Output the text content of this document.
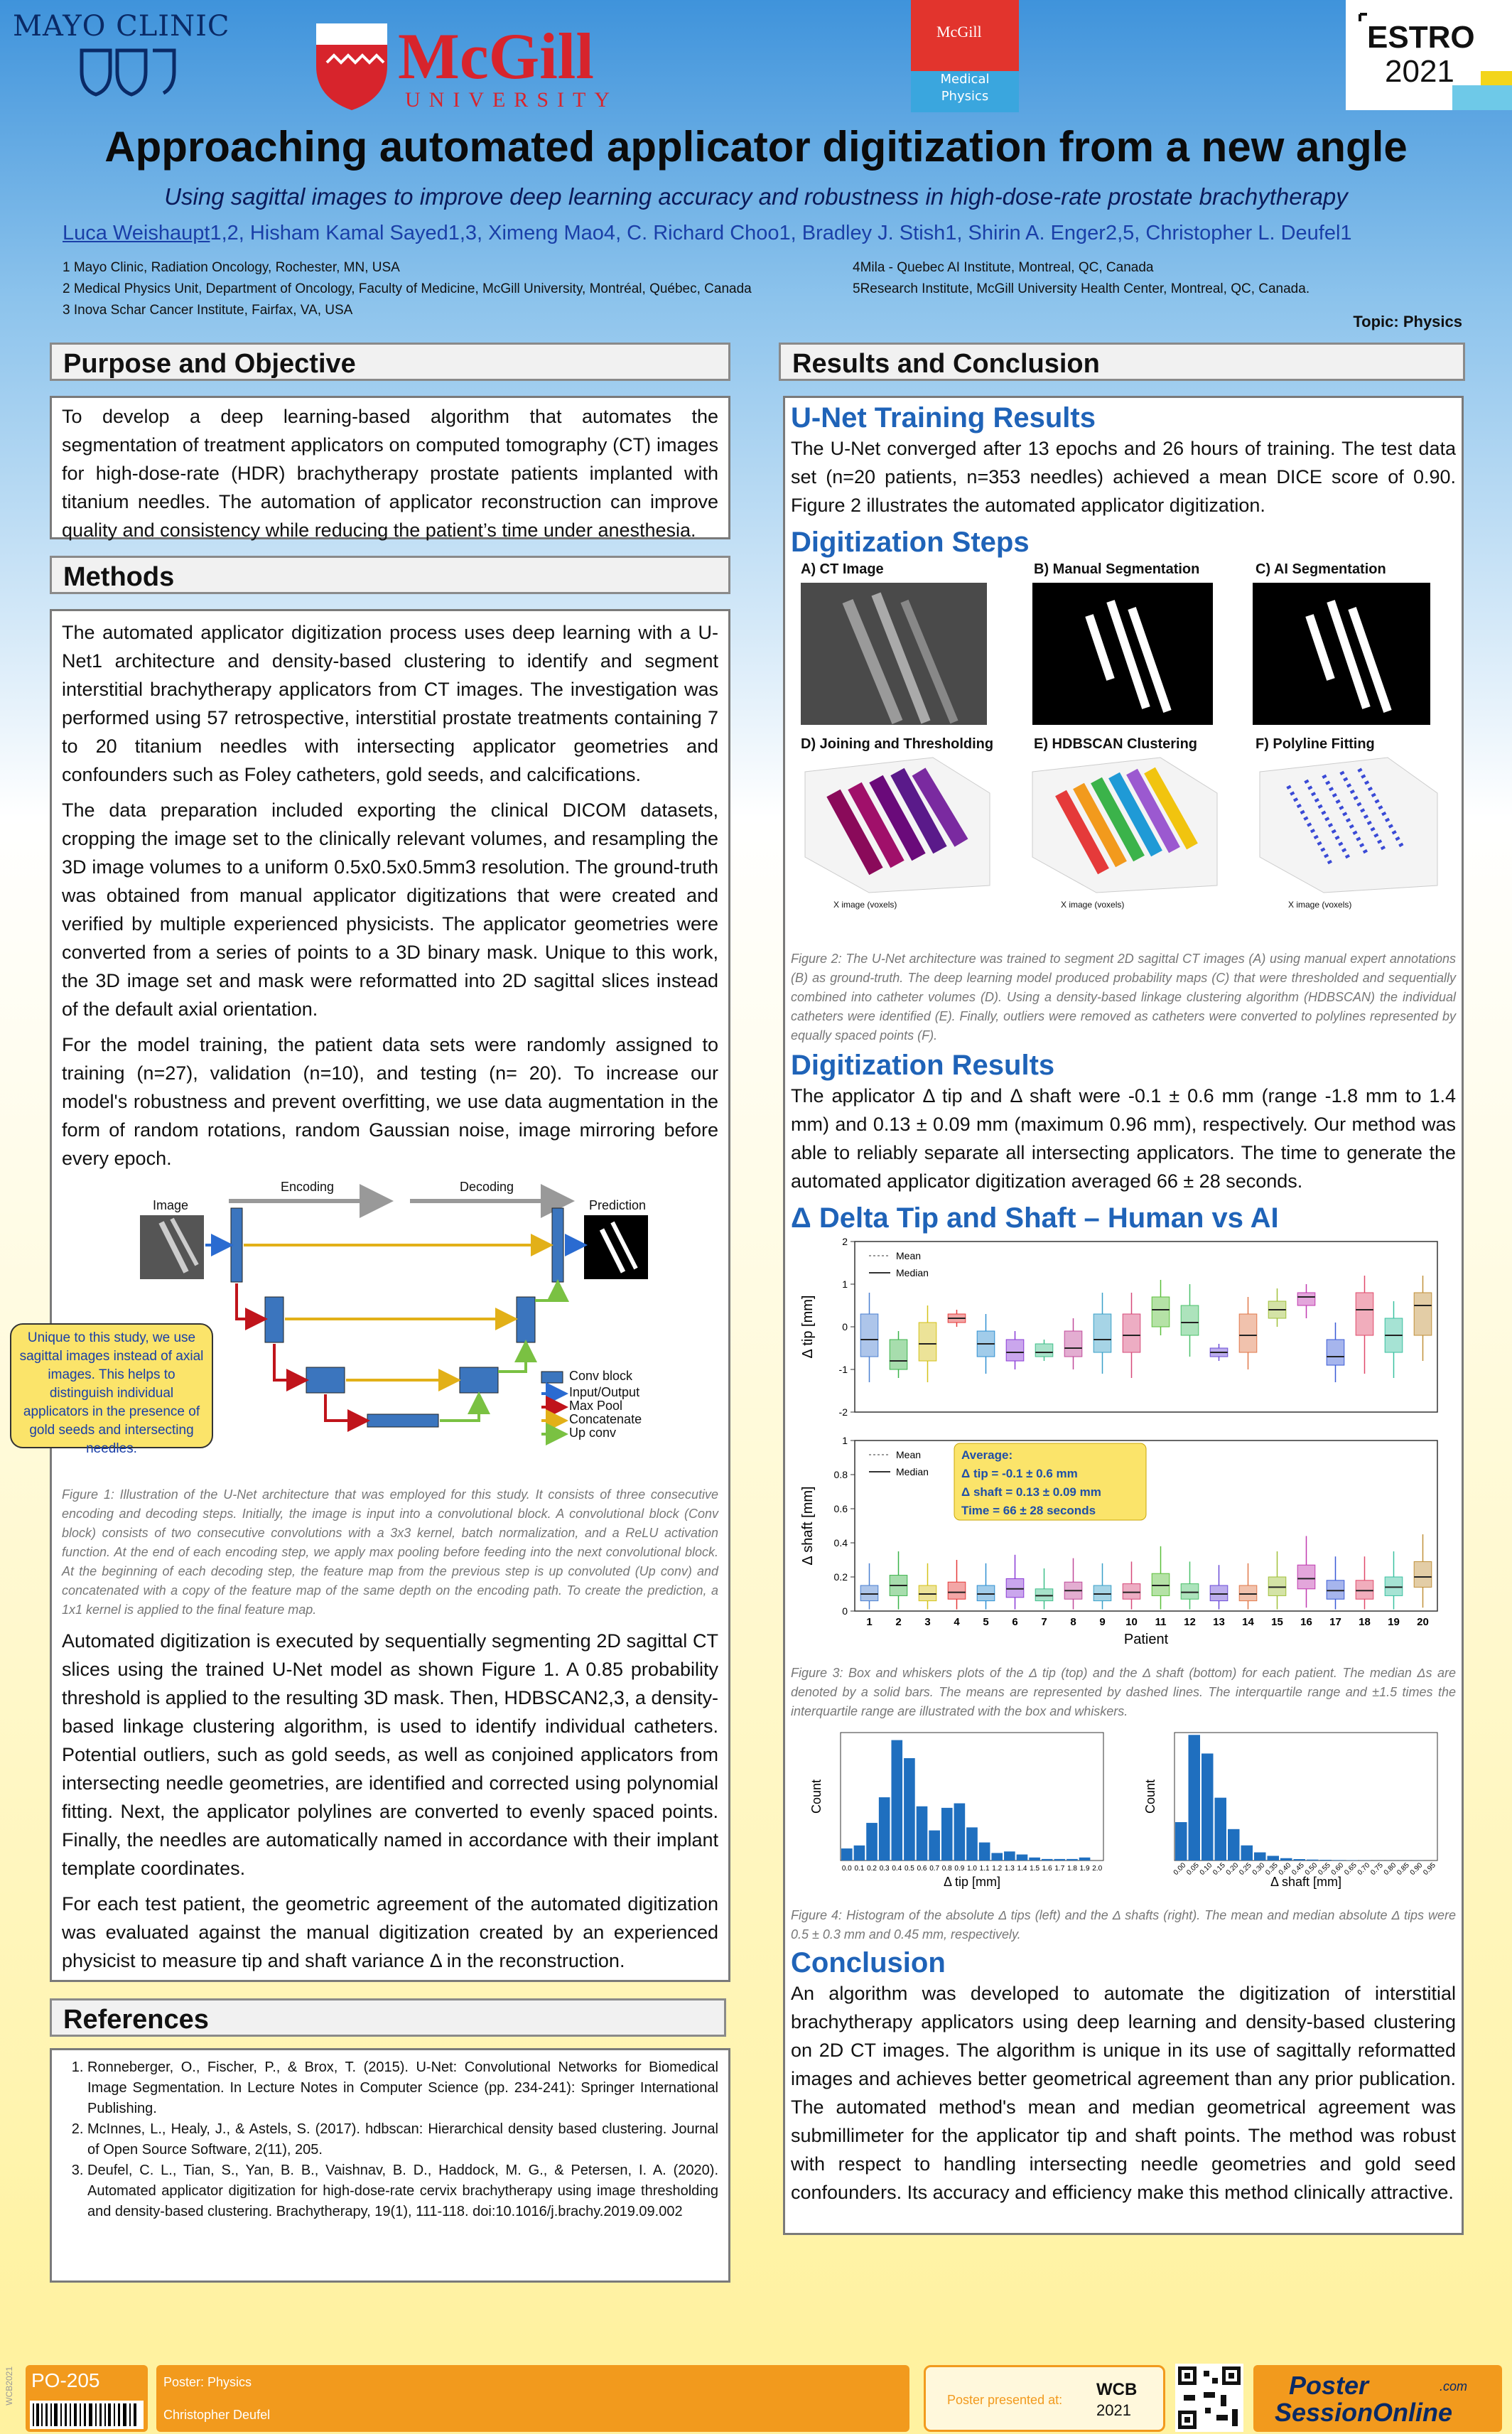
MAYO CLINIC	McGill
UNIVERSITY
McGill
Medical
Physics
ESTRO
2021
Approaching automated applicator digitization from a new angle
Using sagittal images to improve deep learning accuracy and robustness in high-dose-rate prostate brachytherapy
Luca Weishaupt1,2, Hisham Kamal Sayed1,3, Ximeng Mao4, C. Richard Choo1, Bradley J. Stish1, Shirin A. Enger2,5, Christopher L. Deufel1
1 Mayo Clinic, Radiation Oncology, Rochester, MN, USA
2 Medical Physics Unit, Department of Oncology, Faculty of Medicine, McGill University, Montréal, Québec, Canada
3 Inova Schar Cancer Institute, Fairfax, VA, USA
4Mila - Quebec AI Institute, Montreal, QC, Canada
5Research Institute, McGill University Health Center, Montreal, QC, Canada.
Topic: Physics
Purpose and Objective

To develop a deep learning-based algorithm that automates the segmentation of treatment applicators on computed tomography (CT) images for high-dose-rate (HDR) brachytherapy prostate patients implanted with titanium needles. The automation of applicator reconstruction can improve quality and consistency while reducing the patient’s time under anesthesia.

Methods

The automated applicator digitization process uses deep learning with a U-Net1 architecture and density-based clustering to identify and segment interstitial brachytherapy applicators from CT images. The investigation was performed using 57 retrospective, interstitial prostate treatments containing 7 to 20 titanium needles with intersecting applicator geometries and confounders such as Foley catheters, gold seeds, and calcifications.

The data preparation included exporting the clinical DICOM datasets, cropping the image set to the clinically relevant volumes, and resampling the 3D image volumes to a uniform 0.5x0.5x0.5mm3 resolution. The ground-truth was obtained from manual applicator digitizations that were created and verified by multiple experienced physicists. The applicator geometries were converted from a series of points to a 3D binary mask. Unique to this work, the 3D image set and mask were reformatted into 2D sagittal slices instead of the default axial orientation.

For the model training, the patient data sets were randomly assigned to training (n=27), validation (n=10), and testing (n= 20). To increase our model's robustness and prevent overfitting, we use data augmentation in the form of random rotations, random Gaussian noise, image mirroring before every epoch.

Encoding	Decoding
Image	Prediction
Conv block
Input/Output
Max Pool
Concatenate
Up conv

Figure 1: Illustration of the U-Net architecture that was employed for this study. It consists of three consecutive encoding and decoding steps. Initially, the image is input into a convolutional block. A convolutional block (Conv block) consists of two consecutive convolutions with a 3x3 kernel, batch normalization, and a ReLU activation function. At the end of each encoding step, we apply max pooling before feeding into the next convolutional block. At the beginning of each decoding step, the feature map from the previous step is up convoluted (Up conv) and concatenated with a copy of the feature map of the same depth on the encoding path. To create the prediction, a 1x1 kernel is applied to the final feature map.

Automated digitization is executed by sequentially segmenting 2D sagittal CT slices using the trained U-Net model as shown Figure 1. A 0.85 probability threshold is applied to the resulting 3D mask. Then, HDBSCAN2,3, a density-based linkage clustering algorithm, is used to identify individual catheters. Potential outliers, such as gold seeds, as well as conjoined applicators from intersecting needle geometries, are identified and corrected using polynomial fitting. Next, the applicator polylines are converted to evenly spaced points. Finally, the needles are automatically named in accordance with their implant template coordinates.

For each test patient, the geometric agreement of the automated digitization was evaluated against the manual digitization created by an experienced physicist to measure tip and shaft variance Δ in the reconstruction.

Unique to this study, we use sagittal images instead of axial images. This helps to distinguish individual applicators in the presence of gold seeds and intersecting needles.
References
1. Ronneberger, O., Fischer, P., & Brox, T. (2015). U-Net: Convolutional Networks for Biomedical Image Segmentation. In Lecture Notes in Computer Science (pp. 234-241): Springer International Publishing.
2. McInnes, L., Healy, J., & Astels, S. (2017). hdbscan: Hierarchical density based clustering. Journal of Open Source Software, 2(11), 205.
3. Deufel, C. L., Tian, S., Yan, B. B., Vaishnav, B. D., Haddock, M. G., & Petersen, I. A. (2020). Automated applicator digitization for high-dose-rate cervix brachytherapy using image thresholding and density-based clustering. Brachytherapy, 19(1), 111-118. doi:10.1016/j.brachy.2019.09.002
Results and Conclusion

U-Net Training Results

The U-Net converged after 13 epochs and 26 hours of training. The test data set (n=20 patients, n=353 needles) achieved a mean DICE score of 0.90. Figure 2 illustrates the automated applicator digitization.

Digitization Steps

A) CT Image	B) Manual Segmentation	C) AI Segmentation
D) Joining and Thresholding	E) HDBSCAN Clustering	F) Polyline Fitting
X image (voxels)	X image (voxels)	X image (voxels)

Figure 2: The U-Net architecture was trained to segment 2D sagittal CT images (A) using manual expert annotations (B) as ground-truth. The deep learning model produced probability maps (C) that were thresholded and sequentially combined into catheter volumes (D). Using a density-based linkage clustering algorithm (HDBSCAN) the individual catheters were identified (E). Finally, outliers were removed as catheters were converted to polylines represented by equally spaced points (F).

Digitization Results

The applicator Δ tip and Δ shaft were -0.1 ± 0.6 mm (range -1.8 mm to 1.4 mm) and 0.13 ± 0.09 mm (maximum 0.96 mm), respectively. Our method was able to reliably separate all intersecting applicators. The time to generate the automated applicator digitization averaged 66 ± 28 seconds.

Δ Delta Tip and Shaft – Human vs AI

-2
-1
0
1
2
Δ tip [mm]
Mean
Median
0
0.2
0.4
0.6
0.8
1
1 2 3 4 5 6 7 8 9 10 11 12 13 14 15 16 17 18 19 20
Δ shaft [mm]
Mean
Median
Patient
Average:
Δ tip = -0.1 ± 0.6 mm
Δ shaft = 0.13 ± 0.09 mm
Time = 66 ± 28 seconds

Figure 3: Box and whiskers plots of the Δ tip (top) and the Δ shaft (bottom) for each patient. The median Δs are denoted by a solid bars. The means are represented by dashed lines. The interquartile range and ±1.5 times the interquartile range are illustrated with the box and whiskers.

0.0 0.1 0.2 0.3 0.4 0.5 0.6 0.7 0.8 0.9 1.0 1.1 1.2 1.3 1.4 1.5 1.6 1.7 1.8 1.9 2.0
Count
Δ tip [mm]
0.00
0.05
0.10
0.15
0.20
0.25
0.30
0.35
0.40
0.45
0.50
0.55
0.60
0.65
0.70
0.75
0.80
0.85
0.90
0.95
Count
Δ shaft [mm]

Figure 4: Histogram of the absolute Δ tips (left) and the Δ shafts (right). The mean and median absolute Δ tips were 0.5 ± 0.3 mm and 0.45 mm, respectively.

Conclusion

An algorithm was developed to automate the digitization of interstitial brachytherapy applicators using deep learning and density-based clustering on 2D CT images. The algorithm is unique in its use of sagittally reformatted images and achieves better geometrical agreement than any prior publication. The automated method's mean and median geometrical agreement was submillimeter for the applicator tip and shaft points. The method was robust with respect to handling intersecting needle geometries and gold seed confounders. Its accuracy and efficiency make this method clinically attractive.

PO-205
WCB2021	Poster: Physics
Christopher Deufel
Poster presented at:
WCB
2021
Poster
SessionOnline
.com
